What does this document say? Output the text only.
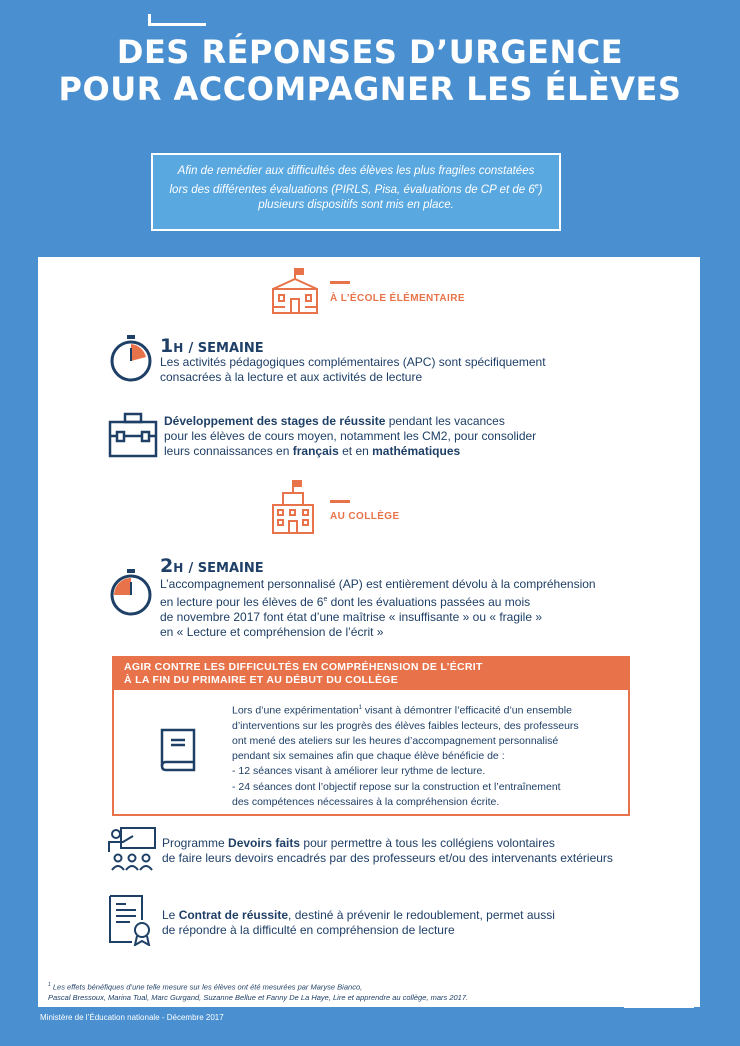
DES RÉPONSES D’URGENCE
POUR ACCOMPAGNER LES ÉLÈVES
Afin de remédier aux difficultés des élèves les plus fragiles constatées
lors des différentes évaluations (PIRLS, Pisa, évaluations de CP et de 6e)
plusieurs dispositifs sont mis en place.
À L’ÉCOLE ÉLÉMENTAIRE
1H / SEMAINE
Les activités pédagogiques complémentaires (APC) sont spécifiquement
consacrées à la lecture et aux activités de lecture
Développement des stages de réussite pendant les vacances
pour les élèves de cours moyen, notamment les CM2, pour consolider
leurs connaissances en français et en mathématiques
AU COLLÈGE
2H / SEMAINE
L’accompagnement personnalisé (AP) est entièrement dévolu à la compréhension
en lecture pour les élèves de 6e dont les évaluations passées au mois
de novembre 2017 font état d’une maîtrise « insuffisante » ou « fragile »
en « Lecture et compréhension de l’écrit »
AGIR CONTRE LES DIFFICULTÉS EN COMPRÉHENSION DE L’ÉCRIT
À LA FIN DU PRIMAIRE ET AU DÉBUT DU COLLÈGE
Lors d’une expérimentation$^1$ visant à démontrer l’efficacité d’un ensemble
d’interventions sur les progrès des élèves faibles lecteurs, des professeurs
ont mené des ateliers sur les heures d’accompagnement personnalisé
pendant six semaines afin que chaque élève bénéficie de :
- 12 séances visant à améliorer leur rythme de lecture.
- 24 séances dont l’objectif repose sur la construction et l’entraînement
des compétences nécessaires à la compréhension écrite.
Programme Devoirs faits pour permettre à tous les collégiens volontaires
de faire leurs devoirs encadrés par des professeurs et/ou des intervenants extérieurs
Le Contrat de réussite, destiné à prévenir le redoublement, permet aussi
de répondre à la difficulté en compréhension de lecture
$^1$ Les effets bénéfiques d’une telle mesure sur les élèves ont été mesurées par Maryse Bianco,
Pascal Bressoux, Marina Tual, Marc Gurgand, Suzanne Bellue et Fanny De La Haye, Lire et apprendre au collège, mars 2017.
Ministère de l’Éducation nationale - Décembre 2017
POUR L’ÉCOLE
DE LA CONFIANCE
